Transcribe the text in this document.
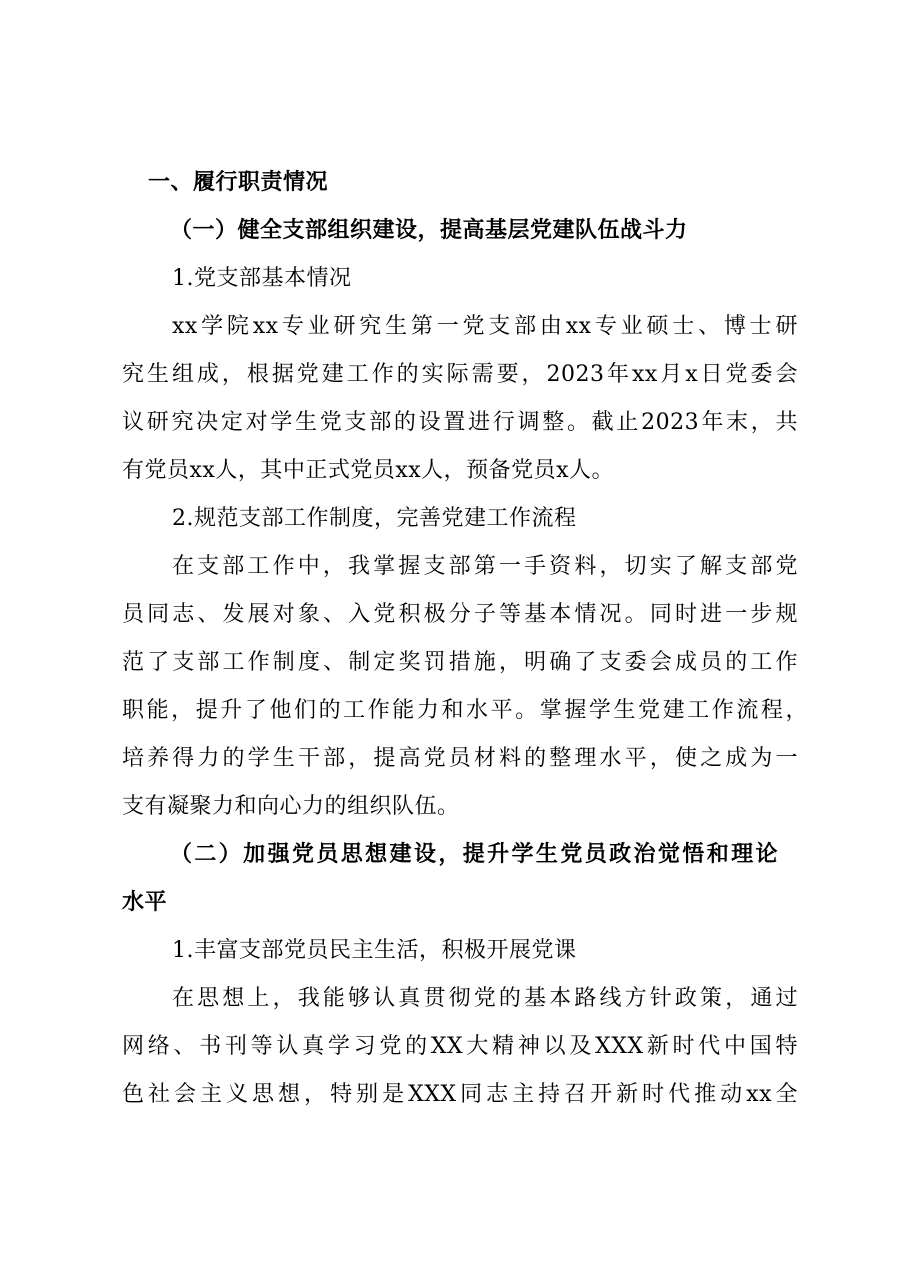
一、履行职责情况
（一）健全支部组织建设，提高基层党建队伍战斗力
1.党支部基本情况
xx学院xx专业研究生第一党支部由xx专业硕士、博士研
究生组成，根据党建工作的实际需要，2023年xx月x日党委会
议研究决定对学生党支部的设置进行调整。截止2023年末，共
有党员xx人，其中正式党员xx人，预备党员x人。
2.规范支部工作制度，完善党建工作流程
在支部工作中，我掌握支部第一手资料，切实了解支部党
员同志、发展对象、入党积极分子等基本情况。同时进一步规
范了支部工作制度、制定奖罚措施，明确了支委会成员的工作
职能，提升了他们的工作能力和水平。掌握学生党建工作流程，
培养得力的学生干部，提高党员材料的整理水平，使之成为一
支有凝聚力和向心力的组织队伍。
（二）加强党员思想建设，提升学生党员政治觉悟和理论
水平
1.丰富支部党员民主生活，积极开展党课
在思想上，我能够认真贯彻党的基本路线方针政策，通过
网络、书刊等认真学习党的XX大精神以及XXX新时代中国特
色社会主义思想，特别是XXX同志主持召开新时代推动xx全
